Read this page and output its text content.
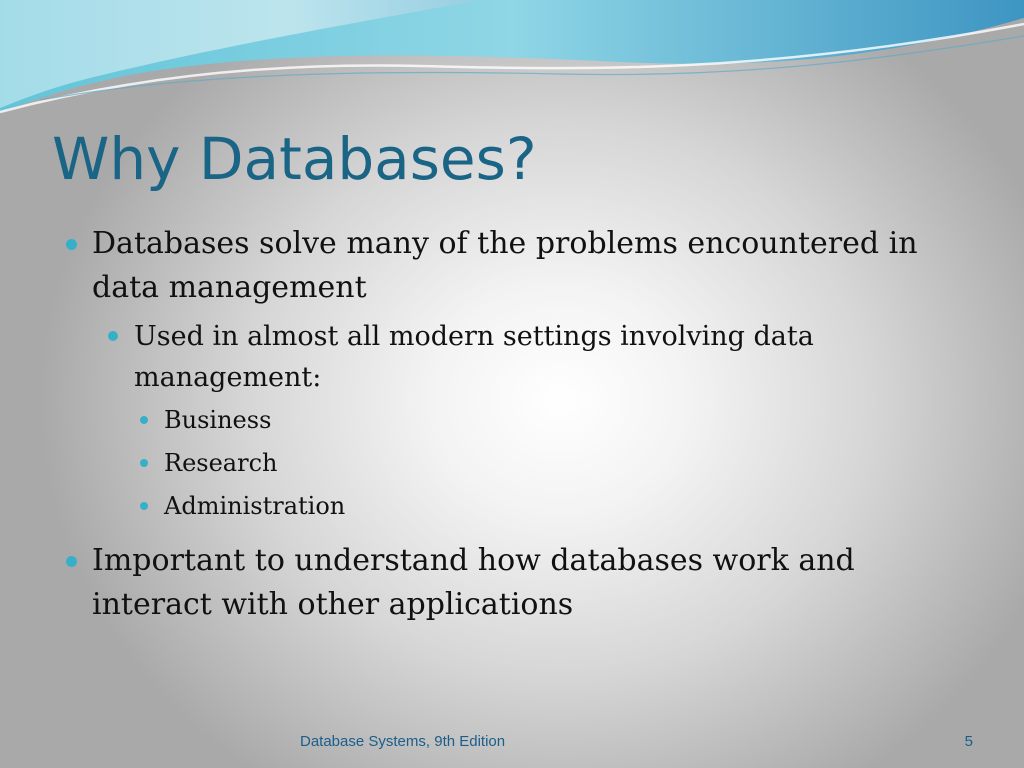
Why Databases?
Databases solve many of the problems encountered in data management
Used in almost all modern settings involving data management:
Business
Research
Administration
Important to understand how databases work and interact with other applications
Database Systems, 9th Edition	5
